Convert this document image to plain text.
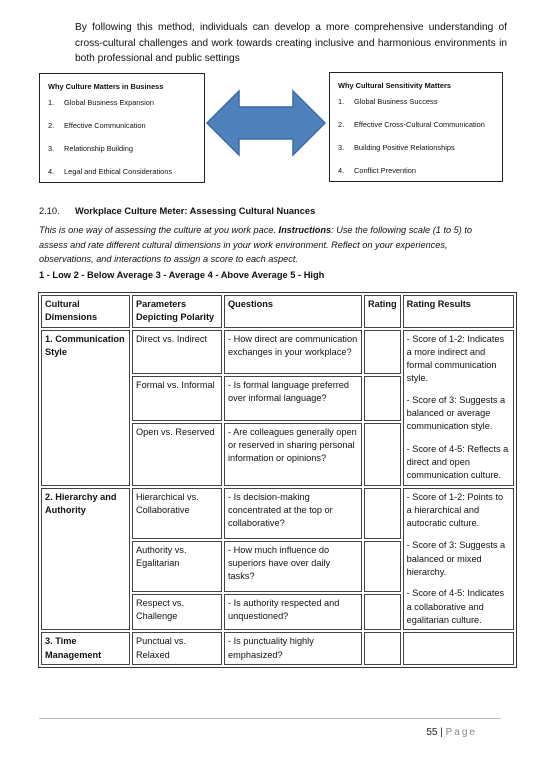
By following this method, individuals can develop a more comprehensive understanding of cross-cultural challenges and work towards creating inclusive and harmonious environments in both professional and public settings

Why Culture Matters in Business

1.	Global Business Expansion
2.	Effective Communication
3.	Relationship Building
4.	Legal and Ethical Considerations

Why Cultural Sensitivity Matters

1.	Global Business Success
2.	Effective Cross-Cultural Communication
3.	Building Positive Relationships
4.	Conflict Prevention
2.10. Workplace Culture Meter: Assessing Cultural Nuances
This is one way of assessing the culture at you work pace. Instructions: Use the following scale (1 to 5) to assess and rate different cultural dimensions in your work environment. Reflect on your experiences, observations, and interactions to assign a score to each aspect.
1 - Low 2 - Below Average 3 - Average 4 - Above Average 5 - High
Cultural Dimensions	Parameters Depicting Polarity	Questions	Rating	Rating Results
1. Communication Style	Direct vs. Indirect	- How direct are communication exchanges in your workplace?		- Score of 1-2: Indicates a more indirect and formal communication style.
- Score of 3: Suggests a balanced or average communication style.
- Score of 4-5: Reflects a direct and open communication culture.

	Formal vs. Informal	- Is formal language preferred over informal language?		
	Open vs. Reserved	- Are colleagues generally open or reserved in sharing personal information or opinions?		
2. Hierarchy and Authority	Hierarchical vs. Collaborative	- Is decision-making concentrated at the top or collaborative?		- Score of 1-2: Points to a hierarchical and autocratic culture.
- Score of 3: Suggests a balanced or mixed hierarchy.
- Score of 4-5: Indicates a collaborative and egalitarian culture.

	Authority vs. Egalitarian	- How much influence do superiors have over daily tasks?		
	Respect vs. Challenge	- Is authority respected and unquestioned?		
3. Time Management	Punctual vs. Relaxed	- Is punctuality highly emphasized?		
55 | Page
